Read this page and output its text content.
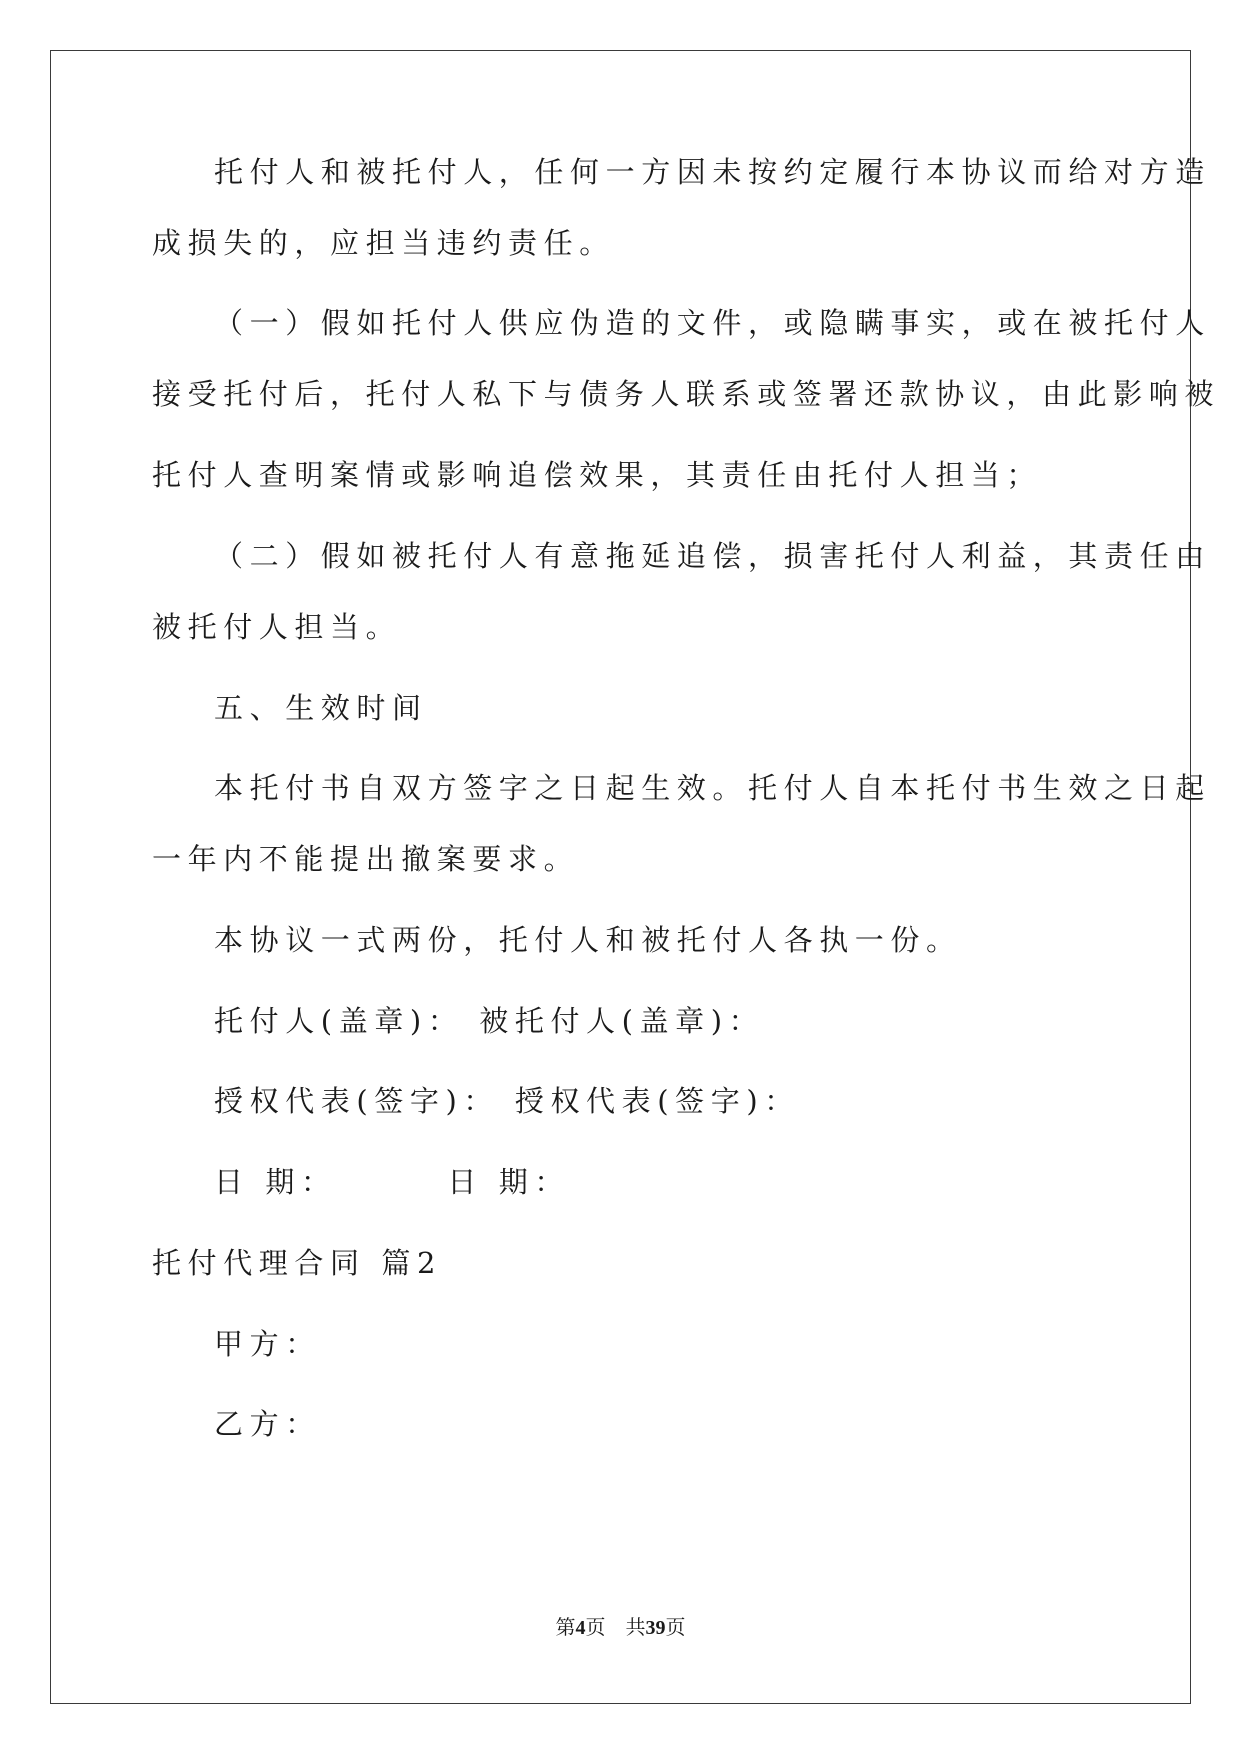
托付人和被托付人，任何一方因未按约定履行本协议而给对方造
成损失的，应担当违约责任。
（一）假如托付人供应伪造的文件，或隐瞒事实，或在被托付人
接受托付后，托付人私下与债务人联系或签署还款协议，由此影响被
托付人查明案情或影响追偿效果，其责任由托付人担当；
（二）假如被托付人有意拖延追偿，损害托付人利益，其责任由
被托付人担当。
五、生效时间
本托付书自双方签字之日起生效。托付人自本托付书生效之日起
一年内不能提出撤案要求。
本协议一式两份，托付人和被托付人各执一份。
托付人(盖章)： 被托付人(盖章)：
授权代表(签字)： 授权代表(签字)：
日 期：       日 期：
托付代理合同 篇2
甲方：
乙方：
第4页 共39页
